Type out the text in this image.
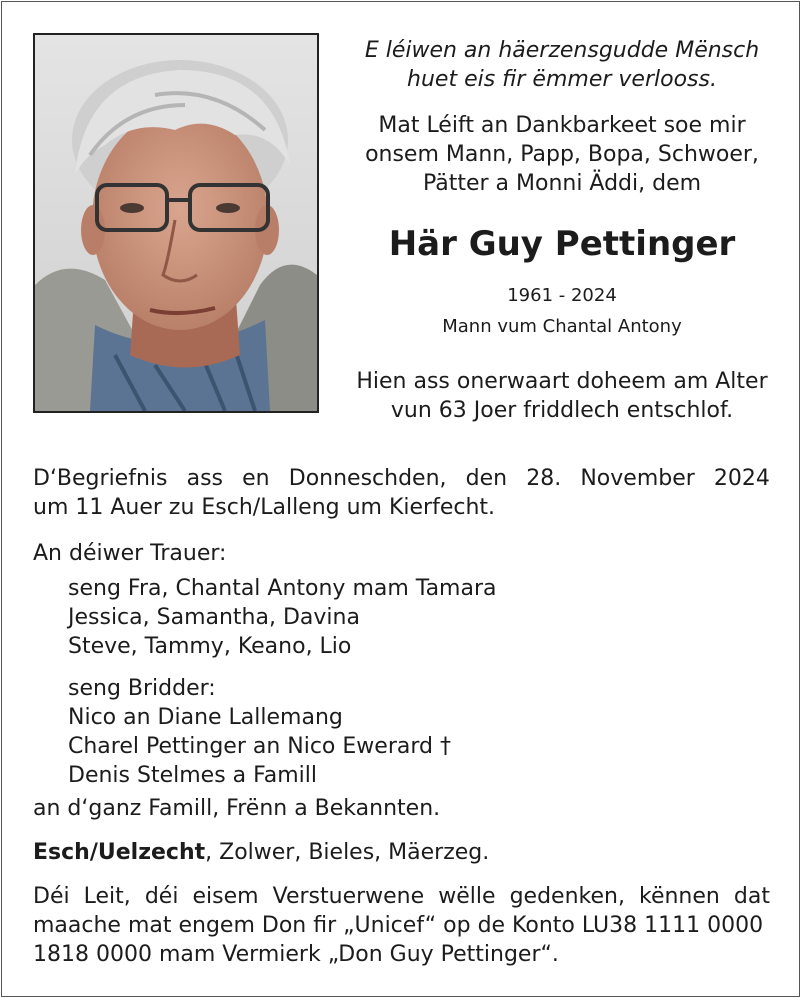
E léiwen an häerzensgudde Mënsch
huet eis fir ëmmer verlooss.
Mat Léift an Dankbarkeet soe mir
onsem Mann, Papp, Bopa, Schwoer,
Pätter a Monni Äddi, dem
Här Guy Pettinger
1961 - 2024
Mann vum Chantal Antony
Hien ass onerwaart doheem am Alter
vun 63 Joer friddlech entschlof.
D‘Begriefnis ass en Donneschden, den 28. November 2024
um 11 Auer zu Esch/Lalleng um Kierfecht.
An déiwer Trauer:
seng Fra, Chantal Antony mam Tamara
Jessica, Samantha, Davina
Steve, Tammy, Keano, Lio
seng Bridder:
Nico an Diane Lallemang
Charel Pettinger an Nico Ewerard †
Denis Stelmes a Famill
an d‘ganz Famill, Frënn a Bekannten.
Esch/Uelzecht, Zolwer, Bieles, Mäerzeg.
Déi Leit, déi eisem Verstuerwene wëlle gedenken, kënnen dat
maache mat engem Don fir „Unicef“ op de Konto LU38 1111 0000
1818 0000 mam Vermierk „Don Guy Pettinger“.
